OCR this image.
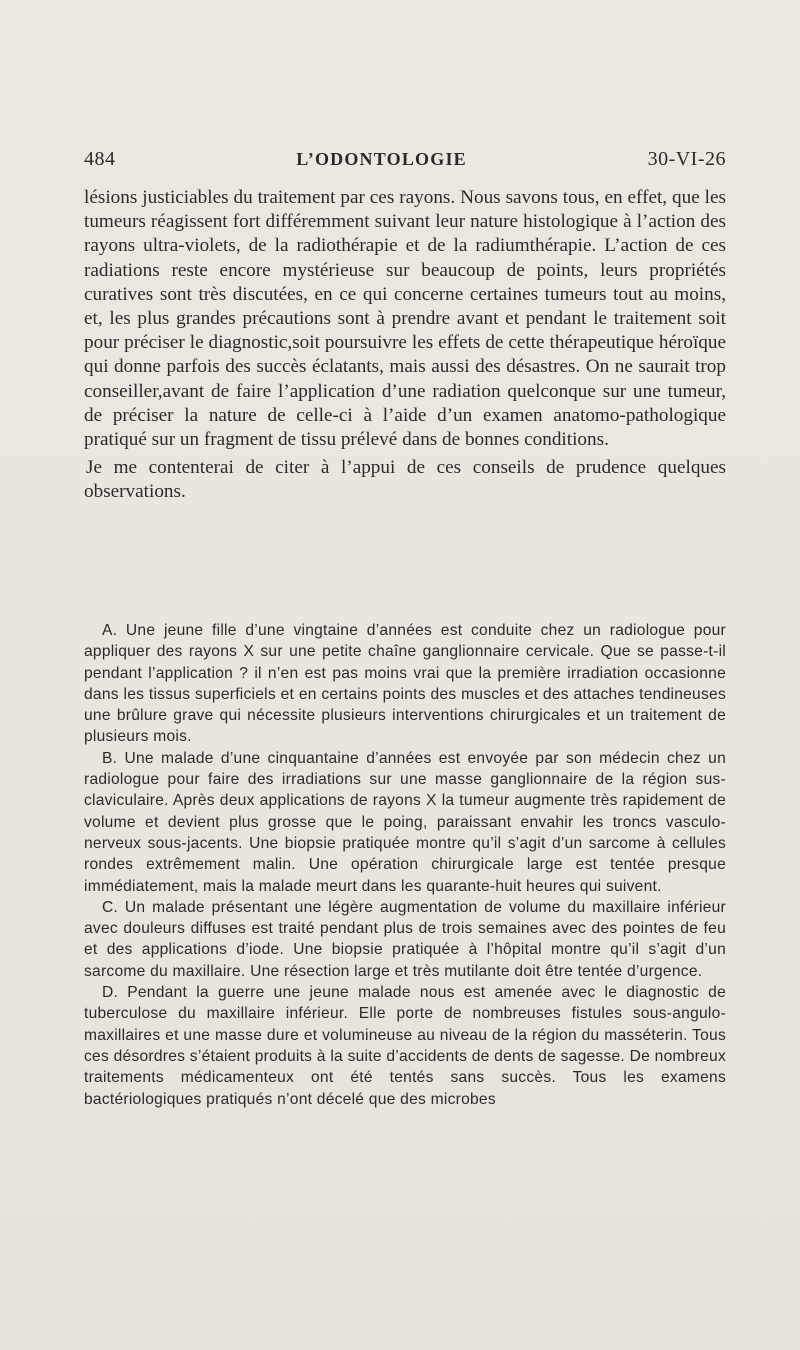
484	L’ODONTOLOGIE	30-VI-26

lésions justiciables du traitement par ces rayons. Nous savons tous, en effet, que les tumeurs réagissent fort différemment suivant leur nature histologique à l’action des rayons ultra-violets, de la radiothérapie et de la radiumthérapie. L’action de ces radiations reste encore mystérieuse sur beaucoup de points, leurs propriétés curatives sont très discutées, en ce qui concerne certaines tumeurs tout au moins, et, les plus grandes précautions sont à prendre avant et pendant le traitement soit pour préciser le diagnostic,soit poursuivre les effets de cette thérapeutique héroïque qui donne parfois des succès éclatants, mais aussi des désastres. On ne saurait trop conseiller,avant de faire l’application d’une radiation quelconque sur une tumeur, de préciser la nature de celle-ci à l’aide d’un examen anatomo-pathologique pratiqué sur un fragment de tissu prélevé dans de bonnes conditions.

Je me contenterai de citer à l’appui de ces conseils de prudence quelques observations.

A. Une jeune fille d’une vingtaine d’années est conduite chez un radiologue pour appliquer des rayons X sur une petite chaîne ganglionnaire cervicale. Que se passe-t-il pendant l’application ? il n’en est pas moins vrai que la première irradiation occasionne dans les tissus superficiels et en certains points des muscles et des attaches tendineuses une brûlure grave qui nécessite plusieurs interventions chirurgicales et un traitement de plusieurs mois.

B. Une malade d’une cinquantaine d’années est envoyée par son médecin chez un radiologue pour faire des irradiations sur une masse ganglionnaire de la région sus-claviculaire. Après deux applications de rayons X la tumeur augmente très rapidement de volume et devient plus grosse que le poing, paraissant envahir les troncs vasculo-nerveux sous-jacents. Une biopsie pratiquée montre qu’il s’agit d’un sarcome à cellules rondes extrêmement malin. Une opération chirurgicale large est tentée presque immédiatement, mais la malade meurt dans les quarante-huit heures qui suivent.

C. Un malade présentant une légère augmentation de volume du maxillaire inférieur avec douleurs diffuses est traité pendant plus de trois semaines avec des pointes de feu et des applications d’iode. Une biopsie pratiquée à l’hôpital montre qu’il s’agit d’un sarcome du maxillaire. Une résection large et très mutilante doit être tentée d’urgence.

D. Pendant la guerre une jeune malade nous est amenée avec le diagnostic de tuberculose du maxillaire inférieur. Elle porte de nombreuses fistules sous-angulo-maxillaires et une masse dure et volumineuse au niveau de la région du masséterin. Tous ces désordres s’étaient produits à la suite d’accidents de dents de sagesse. De nombreux traitements médicamenteux ont été tentés sans succès. Tous les examens bactériologiques pratiqués n’ont décelé que des microbes
